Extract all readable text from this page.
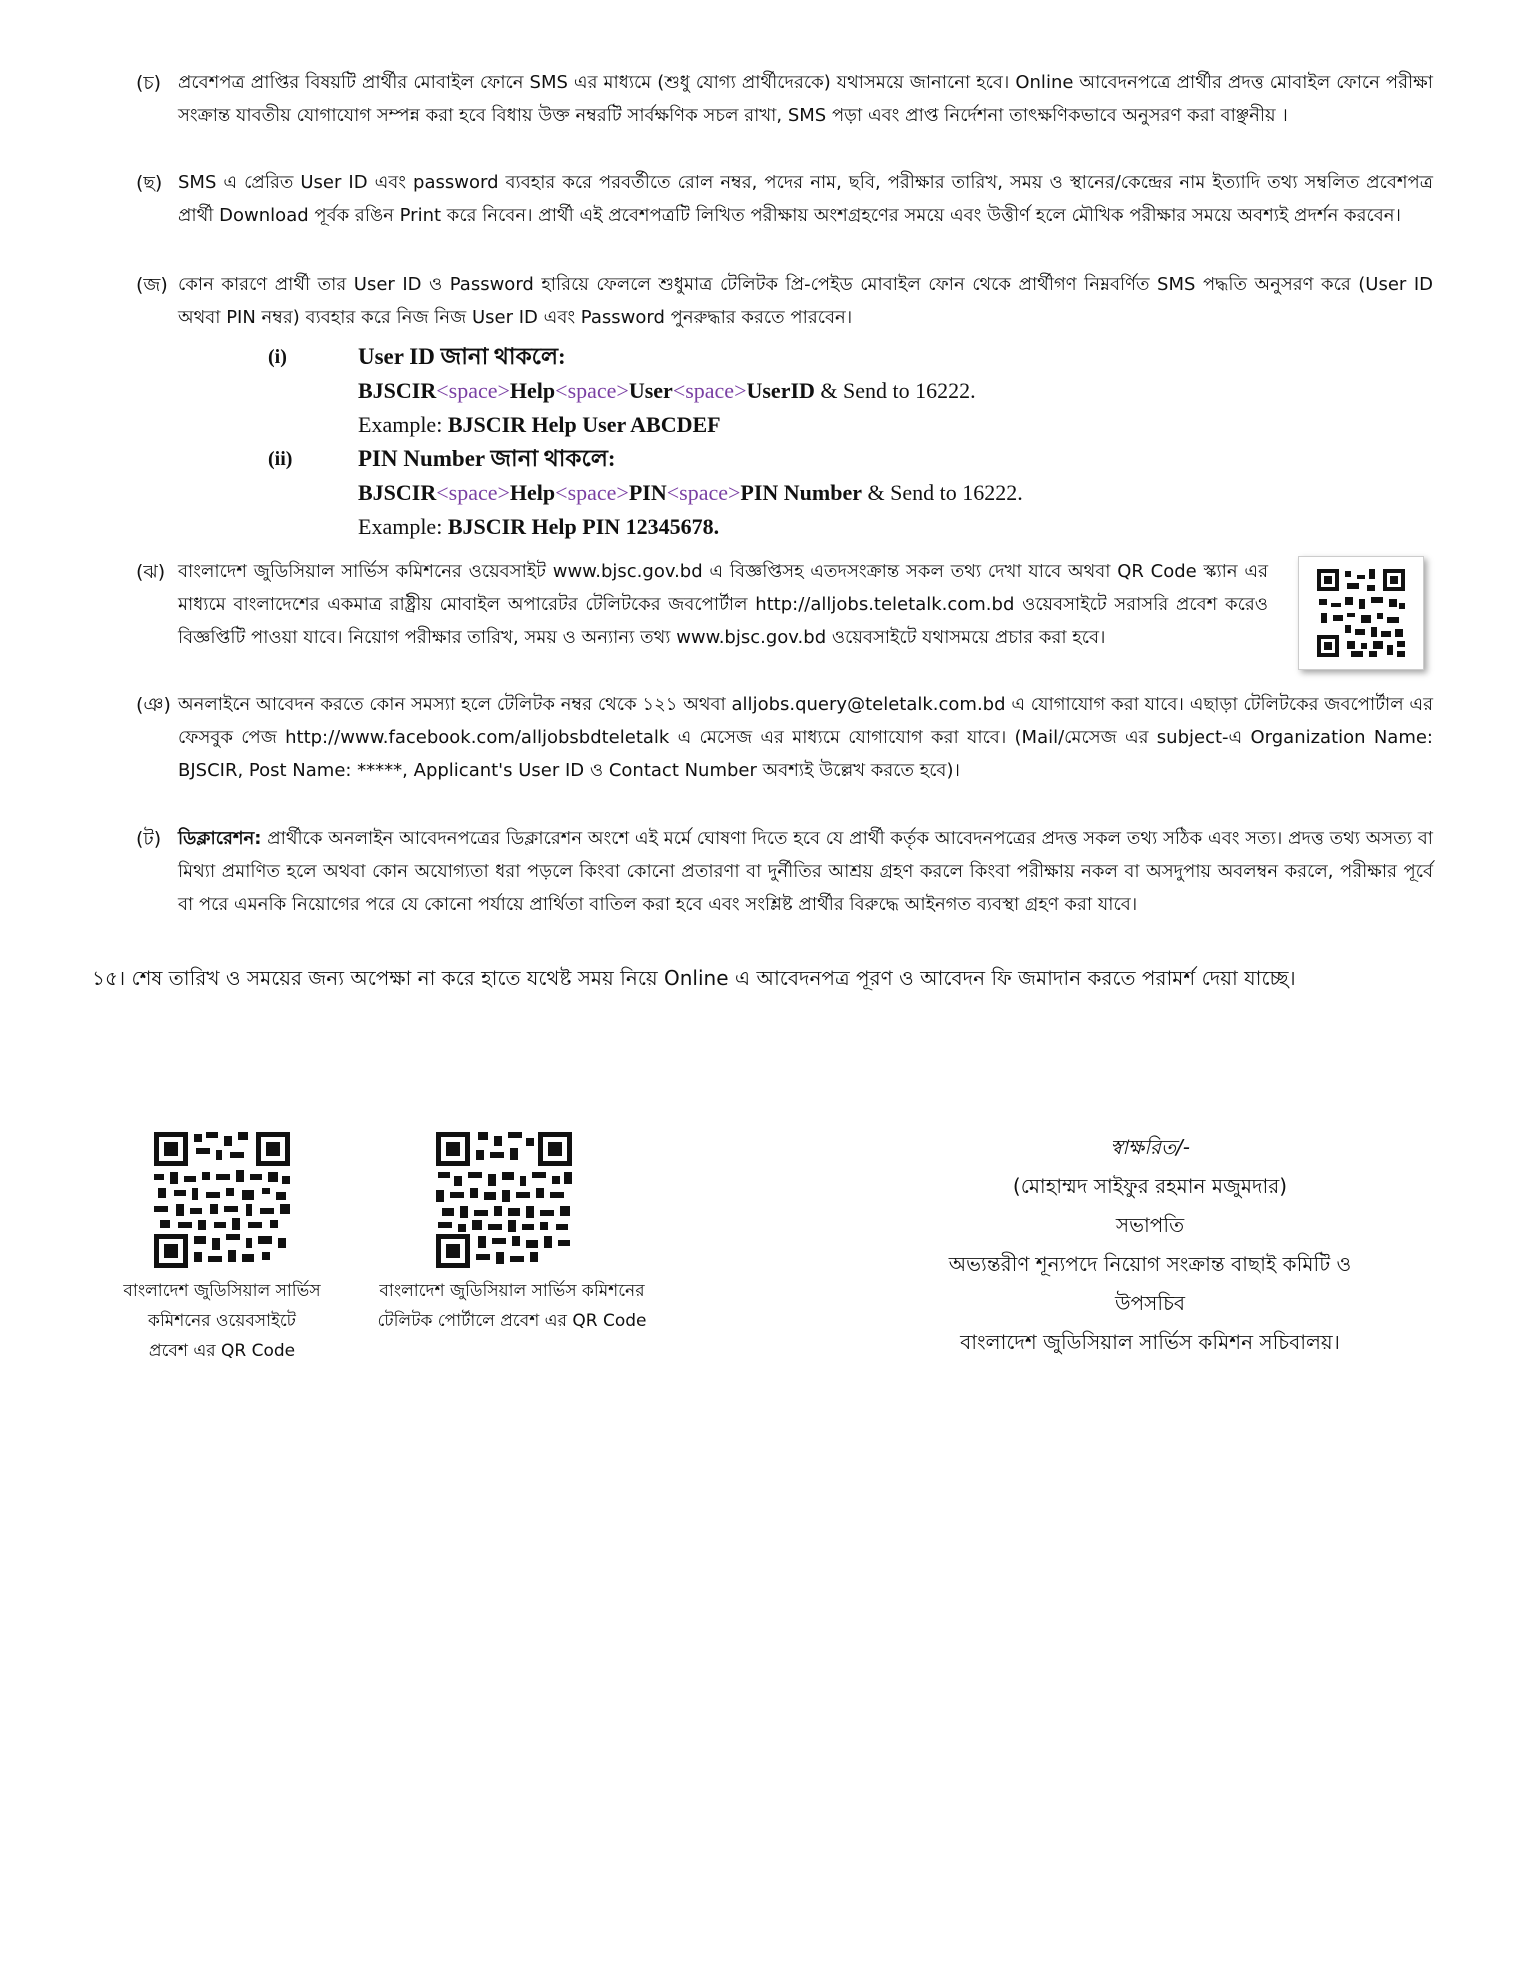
(চ) প্রবেশপত্র প্রাপ্তির বিষয়টি প্রার্থীর মোবাইল ফোনে SMS এর মাধ্যমে (শুধু যোগ্য প্রার্থীদেরকে) যথাসময়ে জানানো হবে। Online আবেদনপত্রে প্রার্থীর প্রদত্ত মোবাইল ফোনে পরীক্ষা সংক্রান্ত যাবতীয় যোগাযোগ সম্পন্ন করা হবে বিধায় উক্ত নম্বরটি সার্বক্ষণিক সচল রাখা, SMS পড়া এবং প্রাপ্ত নির্দেশনা তাৎক্ষণিকভাবে অনুসরণ করা বাঞ্ছনীয় ।

(ছ) SMS এ প্রেরিত User ID এবং password ব্যবহার করে পরবর্তীতে রোল নম্বর, পদের নাম, ছবি, পরীক্ষার তারিখ, সময় ও স্থানের/কেন্দ্রের নাম ইত্যাদি তথ্য সম্বলিত প্রবেশপত্র প্রার্থী Download পূর্বক রঙিন Print করে নিবেন। প্রার্থী এই প্রবেশপত্রটি লিখিত পরীক্ষায় অংশগ্রহণের সময়ে এবং উত্তীর্ণ হলে মৌখিক পরীক্ষার সময়ে অবশ্যই প্রদর্শন করবেন।

(জ) কোন কারণে প্রার্থী তার User ID ও Password হারিয়ে ফেললে শুধুমাত্র টেলিটক প্রি-পেইড মোবাইল ফোন থেকে প্রার্থীগণ নিম্নবর্ণিত SMS পদ্ধতি অনুসরণ করে (User ID অথবা PIN নম্বর) ব্যবহার করে নিজ নিজ User ID এবং Password পুনরুদ্ধার করতে পারবেন।

(i)	User ID জানা থাকলে:
BJSCIR<space>Help<space>User<space>UserID & Send to 16222.
Example: BJSCIR Help User ABCDEF
(ii)	PIN Number জানা থাকলে:
BJSCIR<space>Help<space>PIN<space>PIN Number & Send to 16222.
Example: BJSCIR Help PIN 12345678.
(ঝ) বাংলাদেশ জুডিসিয়াল সার্ভিস কমিশনের ওয়েবসাইট www.bjsc.gov.bd এ বিজ্ঞপ্তিসহ এতদসংক্রান্ত সকল তথ্য দেখা যাবে অথবা QR Code স্ক্যান এর মাধ্যমে বাংলাদেশের একমাত্র রাষ্ট্রীয় মোবাইল অপারেটর টেলিটকের জবপোর্টাল http://alljobs.teletalk.com.bd ওয়েবসাইটে সরাসরি প্রবেশ করেও বিজ্ঞপ্তিটি পাওয়া যাবে। নিয়োগ পরীক্ষার তারিখ, সময় ও অন্যান্য তথ্য www.bjsc.gov.bd ওয়েবসাইটে যথাসময়ে প্রচার করা হবে।

(ঞ) অনলাইনে আবেদন করতে কোন সমস্যা হলে টেলিটক নম্বর থেকে ১২১ অথবা alljobs.query@teletalk.com.bd এ যোগাযোগ করা যাবে। এছাড়া টেলিটকের জবপোর্টাল এর ফেসবুক পেজ http://www.facebook.com/alljobsbdteletalk এ মেসেজ এর মাধ্যমে যোগাযোগ করা যাবে। (Mail/মেসেজ এর subject-এ Organization Name: BJSCIR, Post Name: *****, Applicant's User ID ও Contact Number অবশ্যই উল্লেখ করতে হবে)।

(ট) ডিক্লারেশন: প্রার্থীকে অনলাইন আবেদনপত্রের ডিক্লারেশন অংশে এই মর্মে ঘোষণা দিতে হবে যে প্রার্থী কর্তৃক আবেদনপত্রের প্রদত্ত সকল তথ্য সঠিক এবং সত্য। প্রদত্ত তথ্য অসত্য বা মিথ্যা প্রমাণিত হলে অথবা কোন অযোগ্যতা ধরা পড়লে কিংবা কোনো প্রতারণা বা দুর্নীতির আশ্রয় গ্রহণ করলে কিংবা পরীক্ষায় নকল বা অসদুপায় অবলম্বন করলে, পরীক্ষার পূর্বে বা পরে এমনকি নিয়োগের পরে যে কোনো পর্যায়ে প্রার্থিতা বাতিল করা হবে এবং সংশ্লিষ্ট প্রার্থীর বিরুদ্ধে আইনগত ব্যবস্থা গ্রহণ করা যাবে।

১৫। শেষ তারিখ ও সময়ের জন্য অপেক্ষা না করে হাতে যথেষ্ট সময় নিয়ে Online এ আবেদনপত্র পূরণ ও আবেদন ফি জমাদান করতে পরামর্শ দেয়া যাচ্ছে।
বাংলাদেশ জুডিসিয়াল সার্ভিস
কমিশনের ওয়েবসাইটে
প্রবেশ এর QR Code
বাংলাদেশ জুডিসিয়াল সার্ভিস কমিশনের
টেলিটক পোর্টালে প্রবেশ এর QR Code
স্বাক্ষরিত/-
(মোহাম্মদ সাইফুর রহমান মজুমদার)
সভাপতি
অভ্যন্তরীণ শূন্যপদে নিয়োগ সংক্রান্ত বাছাই কমিটি ও
উপসচিব
বাংলাদেশ জুডিসিয়াল সার্ভিস কমিশন সচিবালয়।
